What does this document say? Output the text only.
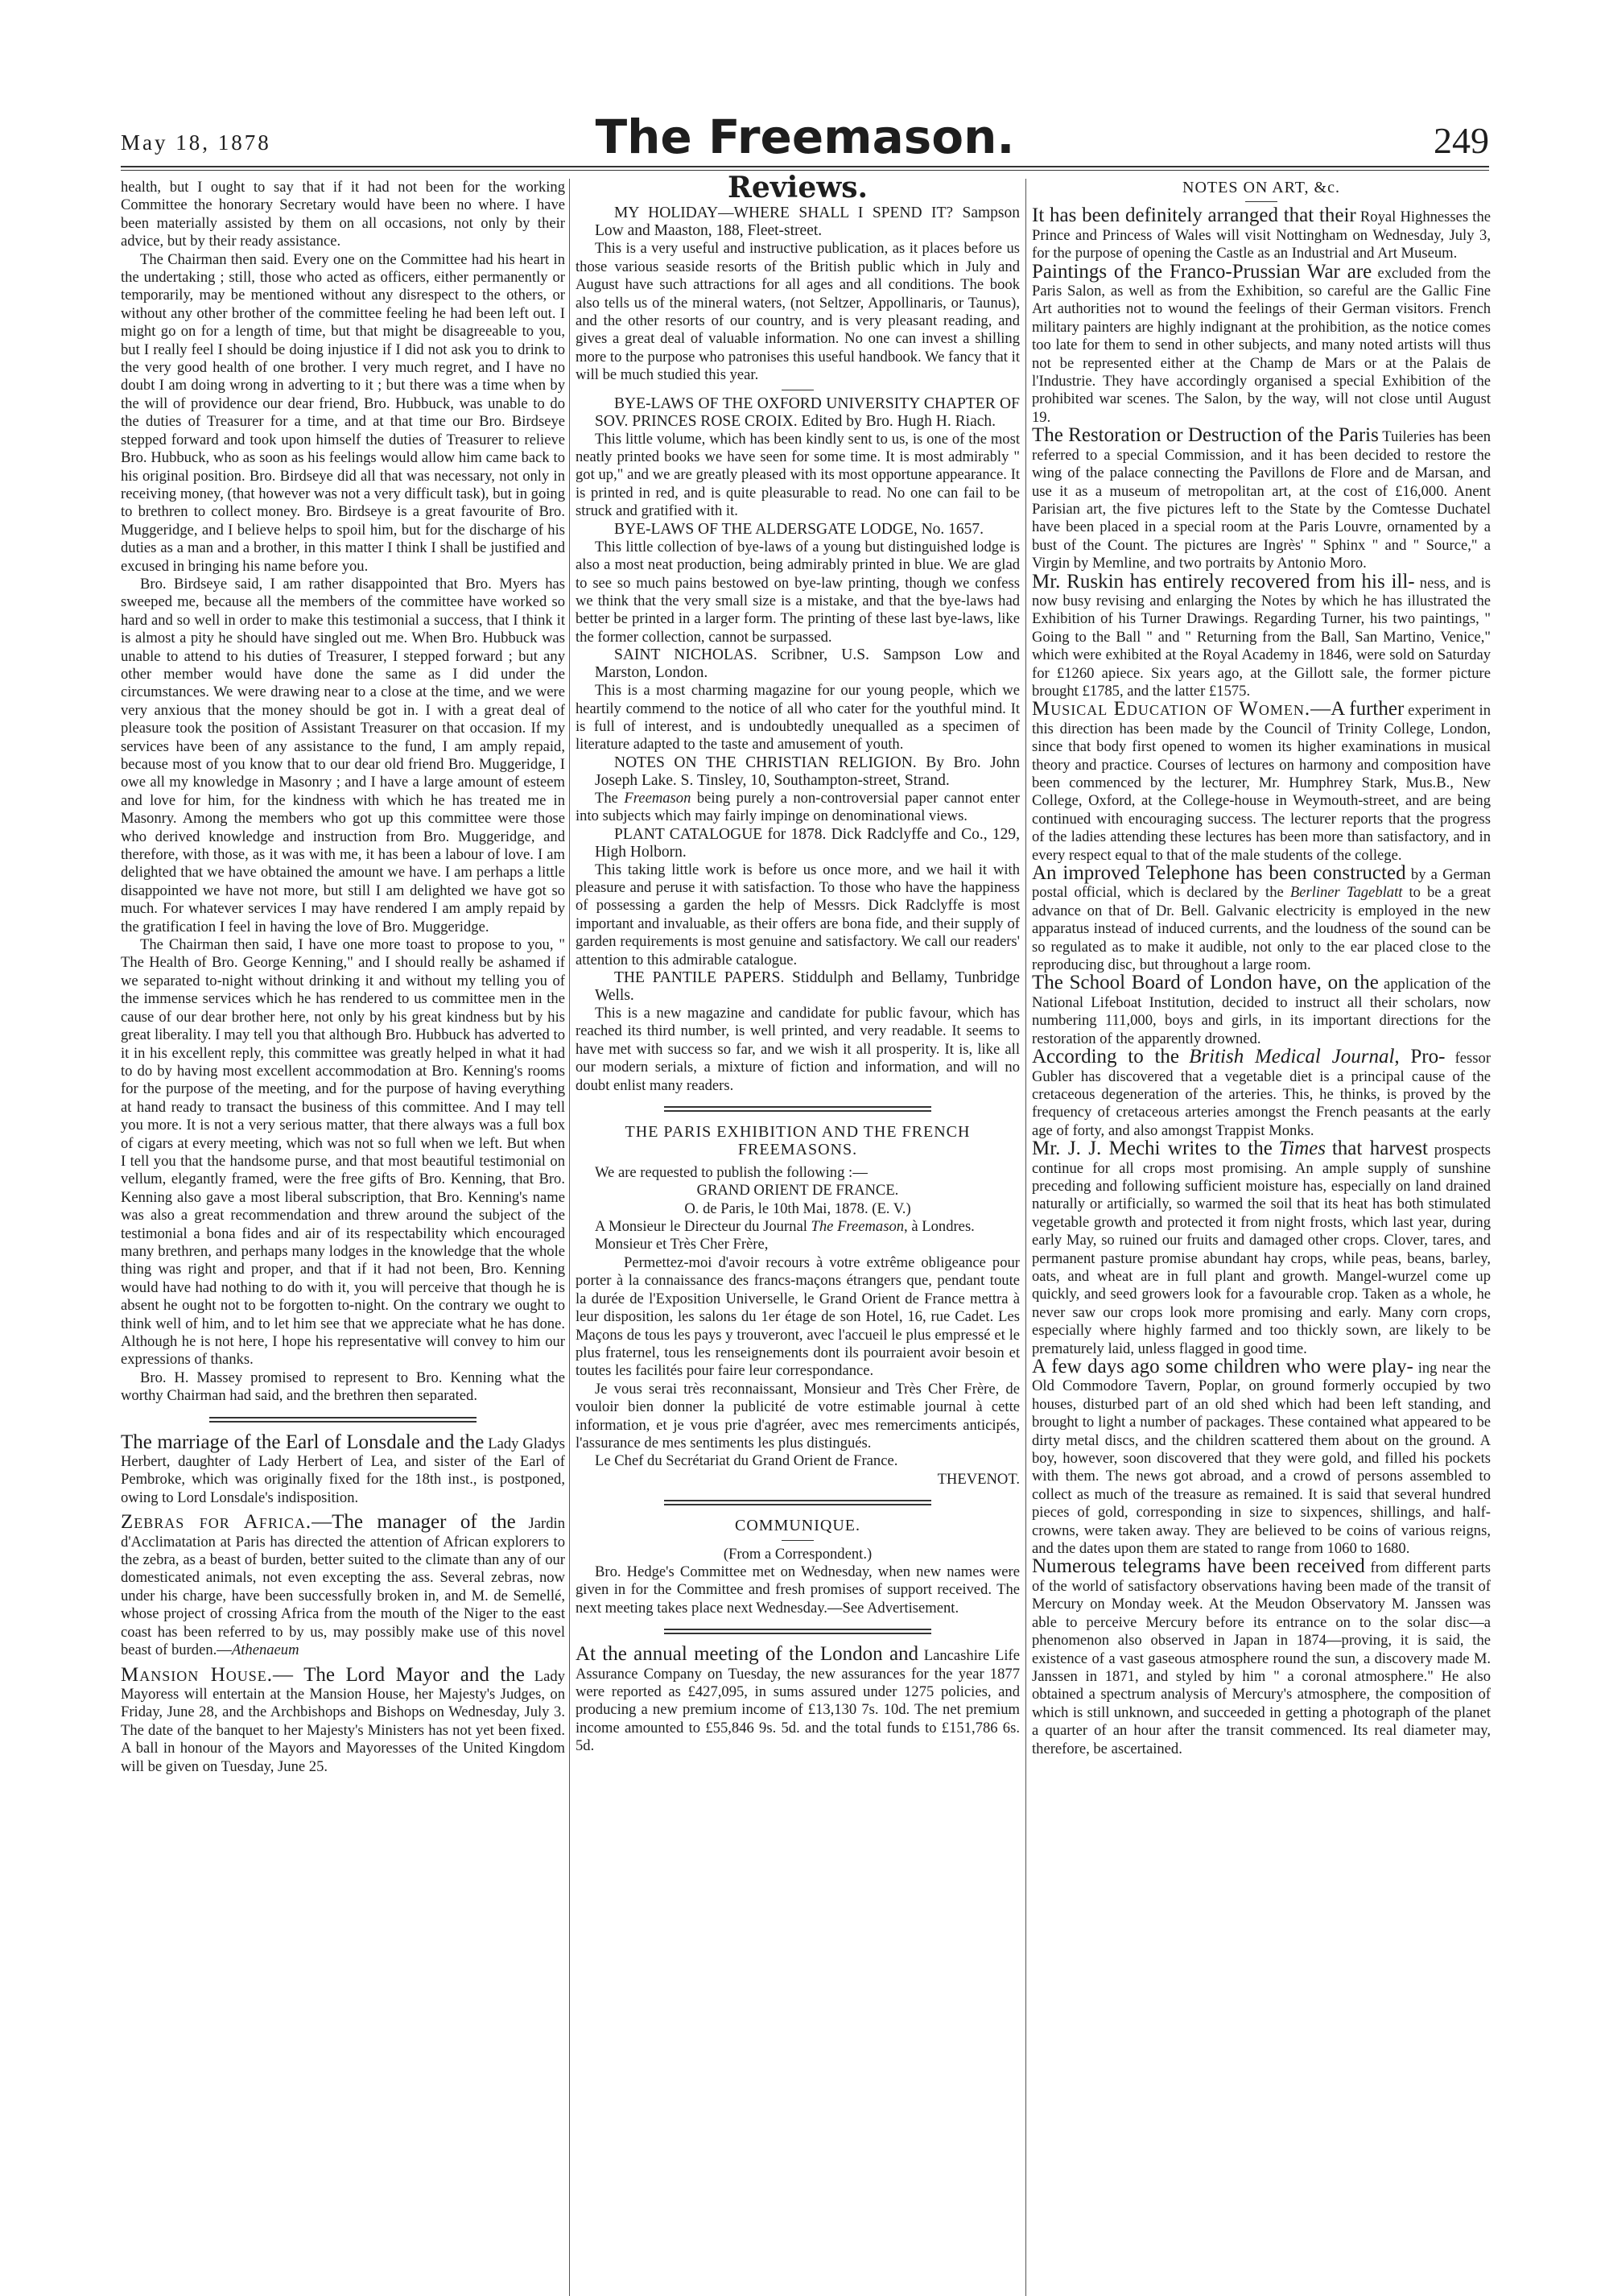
May 18, 1878	The Freemason.	249

health, but I ought to say that if it had not been for the working Committee the honorary Secretary would have been no where. I have been materially assisted by them on all occasions, not only by their advice, but by their ready assistance.

The Chairman then said. Every one on the Committee had his heart in the undertaking ; still, those who acted as officers, either permanently or temporarily, may be mentioned without any disrespect to the others, or without any other brother of the committee feeling he had been left out. I might go on for a length of time, but that might be disagreeable to you, but I really feel I should be doing injustice if I did not ask you to drink to the very good health of one brother. I very much regret, and I have no doubt I am doing wrong in adverting to it ; but there was a time when by the will of providence our dear friend, Bro. Hubbuck, was unable to do the duties of Treasurer for a time, and at that time our Bro. Birdseye stepped forward and took upon himself the duties of Treasurer to relieve Bro. Hubbuck, who as soon as his feelings would allow him came back to his original position. Bro. Birdseye did all that was necessary, not only in receiving money, (that however was not a very difficult task), but in going to brethren to collect money. Bro. Birdseye is a great favourite of Bro. Muggeridge, and I believe helps to spoil him, but for the discharge of his duties as a man and a brother, in this matter I think I shall be justified and excused in bringing his name before you.

Bro. Birdseye said, I am rather disappointed that Bro. Myers has sweeped me, because all the members of the committee have worked so hard and so well in order to make this testimonial a success, that I think it is almost a pity he should have singled out me. When Bro. Hubbuck was unable to attend to his duties of Treasurer, I stepped forward ; but any other member would have done the same as I did under the circumstances. We were drawing near to a close at the time, and we were very anxious that the money should be got in. I with a great deal of pleasure took the position of Assistant Treasurer on that occasion. If my services have been of any assistance to the fund, I am amply repaid, because most of you know that to our dear old friend Bro. Muggeridge, I owe all my knowledge in Masonry ; and I have a large amount of esteem and love for him, for the kindness with which he has treated me in Masonry. Among the members who got up this committee were those who derived knowledge and instruction from Bro. Muggeridge, and therefore, with those, as it was with me, it has been a labour of love. I am delighted that we have obtained the amount we have. I am perhaps a little disappointed we have not more, but still I am delighted we have got so much. For whatever services I may have rendered I am amply repaid by the gratification I feel in having the love of Bro. Muggeridge.

The Chairman then said, I have one more toast to propose to you, " The Health of Bro. George Kenning," and I should really be ashamed if we separated to-night without drinking it and without my telling you of the immense services which he has rendered to us committee men in the cause of our dear brother here, not only by his great kindness but by his great liberality. I may tell you that although Bro. Hubbuck has adverted to it in his excellent reply, this committee was greatly helped in what it had to do by having most excellent accommodation at Bro. Kenning's rooms for the purpose of the meeting, and for the purpose of having everything at hand ready to transact the business of this committee. And I may tell you more. It is not a very serious matter, that there always was a full box of cigars at every meeting, which was not so full when we left. But when I tell you that the handsome purse, and that most beautiful testimonial on vellum, elegantly framed, were the free gifts of Bro. Kenning, that Bro. Kenning also gave a most liberal subscription, that Bro. Kenning's name was also a great recommendation and threw around the subject of the testimonial a bona fides and air of its respectability which encouraged many brethren, and perhaps many lodges in the knowledge that the whole thing was right and proper, and that if it had not been, Bro. Kenning would have had nothing to do with it, you will perceive that though he is absent he ought not to be forgotten to-night. On the contrary we ought to think well of him, and to let him see that we appreciate what he has done. Although he is not here, I hope his representative will convey to him our expressions of thanks.

Bro. H. Massey promised to represent to Bro. Kenning what the worthy Chairman had said, and the brethren then separated.

The marriage of the Earl of Lonsdale and the Lady Gladys Herbert, daughter of Lady Herbert of Lea, and sister of the Earl of Pembroke, which was originally fixed for the 18th inst., is postponed, owing to Lord Lonsdale's indisposition.

Zebras for Africa.—The manager of the Jardin d'Acclimatation at Paris has directed the attention of African explorers to the zebra, as a beast of burden, better suited to the climate than any of our domesticated animals, not even excepting the ass. Several zebras, now under his charge, have been successfully broken in, and M. de Semellé, whose project of crossing Africa from the mouth of the Niger to the east coast has been referred to by us, may possibly make use of this novel beast of burden.—Athenaeum

Mansion House.— The Lord Mayor and the Lady Mayoress will entertain at the Mansion House, her Majesty's Judges, on Friday, June 28, and the Archbishops and Bishops on Wednesday, July 3. The date of the banquet to her Majesty's Ministers has not yet been fixed. A ball in honour of the Mayors and Mayoresses of the United Kingdom will be given on Tuesday, June 25.

Reviews.

MY HOLIDAY—WHERE SHALL I SPEND IT? Sampson Low and Maaston, 188, Fleet-street.

This is a very useful and instructive publication, as it places before us those various seaside resorts of the British public which in July and August have such attractions for all ages and all conditions. The book also tells us of the mineral waters, (not Seltzer, Appollinaris, or Taunus), and the other resorts of our country, and is very pleasant reading, and gives a great deal of valuable information. No one can invest a shilling more to the purpose who patronises this useful handbook. We fancy that it will be much studied this year.

BYE-LAWS OF THE OXFORD UNIVERSITY CHAPTER OF SOV. PRINCES ROSE CROIX. Edited by Bro. Hugh H. Riach.

This little volume, which has been kindly sent to us, is one of the most neatly printed books we have seen for some time. It is most admirably " got up," and we are greatly pleased with its most opportune appearance. It is printed in red, and is quite pleasurable to read. No one can fail to be struck and gratified with it.

BYE-LAWS OF THE ALDERSGATE LODGE, No. 1657.

This little collection of bye-laws of a young but distinguished lodge is also a most neat production, being admirably printed in blue. We are glad to see so much pains bestowed on bye-law printing, though we confess we think that the very small size is a mistake, and that the bye-laws had better be printed in a larger form. The printing of these last bye-laws, like the former collection, cannot be surpassed.

SAINT NICHOLAS. Scribner, U.S. Sampson Low and Marston, London.

This is a most charming magazine for our young people, which we heartily commend to the notice of all who cater for the youthful mind. It is full of interest, and is undoubtedly unequalled as a specimen of literature adapted to the taste and amusement of youth.

NOTES ON THE CHRISTIAN RELIGION. By Bro. John Joseph Lake. S. Tinsley, 10, Southampton-street, Strand.

The Freemason being purely a non-controversial paper cannot enter into subjects which may fairly impinge on denominational views.

PLANT CATALOGUE for 1878. Dick Radclyffe and Co., 129, High Holborn.

This taking little work is before us once more, and we hail it with pleasure and peruse it with satisfaction. To those who have the happiness of possessing a garden the help of Messrs. Dick Radclyffe is most important and invaluable, as their offers are bona fide, and their supply of garden requirements is most genuine and satisfactory. We call our readers' attention to this admirable catalogue.

THE PANTILE PAPERS. Stiddulph and Bellamy, Tunbridge Wells.

This is a new magazine and candidate for public favour, which has reached its third number, is well printed, and very readable. It seems to have met with success so far, and we wish it all prosperity. It is, like all our modern serials, a mixture of fiction and information, and will no doubt enlist many readers.

THE PARIS EXHIBITION AND THE FRENCH FREEMASONS.

We are requested to publish the following :—

GRAND ORIENT DE FRANCE.

O. de Paris, le 10th Mai, 1878. (E. V.)

A Monsieur le Directeur du Journal The Freemason, à Londres.

Monsieur et Très Cher Frère,

Permettez-moi d'avoir recours à votre extrême obligeance pour porter à la connaissance des francs-maçons étrangers que, pendant toute la durée de l'Exposition Universelle, le Grand Orient de France mettra à leur disposition, les salons du 1er étage de son Hotel, 16, rue Cadet. Les Maçons de tous les pays y trouveront, avec l'accueil le plus empressé et le plus fraternel, tous les renseignements dont ils pourraient avoir besoin et toutes les facilités pour faire leur correspondance.

Je vous serai très reconnaissant, Monsieur and Très Cher Frère, de vouloir bien donner la publicité de votre estimable journal à cette information, et je vous prie d'agréer, avec mes remerciments anticipés, l'assurance de mes sentiments les plus distingués.

Le Chef du Secrétariat du Grand Orient de France.

THEVENOT.

COMMUNIQUE.

(From a Correspondent.)

Bro. Hedge's Committee met on Wednesday, when new names were given in for the Committee and fresh promises of support received. The next meeting takes place next Wednesday.—See Advertisement.

At the annual meeting of the London and Lancashire Life Assurance Company on Tuesday, the new assurances for the year 1877 were reported as £427,095, in sums assured under 1275 policies, and producing a new premium income of £13,130 7s. 10d. The net premium income amounted to £55,846 9s. 5d. and the total funds to £151,786 6s. 5d.

NOTES ON ART, &c.

It has been definitely arranged that their Royal Highnesses the Prince and Princess of Wales will visit Nottingham on Wednesday, July 3, for the purpose of opening the Castle as an Industrial and Art Museum.

Paintings of the Franco-Prussian War are excluded from the Paris Salon, as well as from the Exhibition, so careful are the Gallic Fine Art authorities not to wound the feelings of their German visitors. French military painters are highly indignant at the prohibition, as the notice comes too late for them to send in other subjects, and many noted artists will thus not be represented either at the Champ de Mars or at the Palais de l'Industrie. They have accordingly organised a special Exhibition of the prohibited war scenes. The Salon, by the way, will not close until August 19.

The Restoration or Destruction of the Paris Tuileries has been referred to a special Commission, and it has been decided to restore the wing of the palace connecting the Pavillons de Flore and de Marsan, and use it as a museum of metropolitan art, at the cost of £16,000. Anent Parisian art, the five pictures left to the State by the Comtesse Duchatel have been placed in a special room at the Paris Louvre, ornamented by a bust of the Count. The pictures are Ingrès' " Sphinx " and " Source," a Virgin by Memline, and two portraits by Antonio Moro.

Mr. Ruskin has entirely recovered from his ill- ness, and is now busy revising and enlarging the Notes by which he has illustrated the Exhibition of his Turner Drawings. Regarding Turner, his two paintings, " Going to the Ball " and " Returning from the Ball, San Martino, Venice," which were exhibited at the Royal Academy in 1846, were sold on Saturday for £1260 apiece. Six years ago, at the Gillott sale, the former picture brought £1785, and the latter £1575.

Musical Education of Women.—A further experiment in this direction has been made by the Council of Trinity College, London, since that body first opened to women its higher examinations in musical theory and practice. Courses of lectures on harmony and composition have been commenced by the lecturer, Mr. Humphrey Stark, Mus.B., New College, Oxford, at the College-house in Weymouth-street, and are being continued with encouraging success. The lecturer reports that the progress of the ladies attending these lectures has been more than satisfactory, and in every respect equal to that of the male students of the college.

An improved Telephone has been constructed by a German postal official, which is declared by the Berliner Tageblatt to be a great advance on that of Dr. Bell. Galvanic electricity is employed in the new apparatus instead of induced currents, and the loudness of the sound can be so regulated as to make it audible, not only to the ear placed close to the reproducing disc, but throughout a large room.

The School Board of London have, on the application of the National Lifeboat Institution, decided to instruct all their scholars, now numbering 111,000, boys and girls, in its important directions for the restoration of the apparently drowned.

According to the British Medical Journal, Pro- fessor Gubler has discovered that a vegetable diet is a principal cause of the cretaceous degeneration of the arteries. This, he thinks, is proved by the frequency of cretaceous arteries amongst the French peasants at the early age of forty, and also amongst Trappist Monks.

Mr. J. J. Mechi writes to the Times that harvest prospects continue for all crops most promising. An ample supply of sunshine preceding and following sufficient moisture has, especially on land drained naturally or artificially, so warmed the soil that its heat has both stimulated vegetable growth and protected it from night frosts, which last year, during early May, so ruined our fruits and damaged other crops. Clover, tares, and permanent pasture promise abundant hay crops, while peas, beans, barley, oats, and wheat are in full plant and growth. Mangel-wurzel come up quickly, and seed growers look for a favourable crop. Taken as a whole, he never saw our crops look more promising and early. Many corn crops, especially where highly farmed and too thickly sown, are likely to be prematurely laid, unless flagged in good time.

A few days ago some children who were play- ing near the Old Commodore Tavern, Poplar, on ground formerly occupied by two houses, disturbed part of an old shed which had been left standing, and brought to light a number of packages. These contained what appeared to be dirty metal discs, and the children scattered them about on the ground. A boy, however, soon discovered that they were gold, and filled his pockets with them. The news got abroad, and a crowd of persons assembled to collect as much of the treasure as remained. It is said that several hundred pieces of gold, corresponding in size to sixpences, shillings, and half-crowns, were taken away. They are believed to be coins of various reigns, and the dates upon them are stated to range from 1060 to 1680.

Numerous telegrams have been received from different parts of the world of satisfactory observations having been made of the transit of Mercury on Monday week. At the Meudon Observatory M. Janssen was able to perceive Mercury before its entrance on to the solar disc—a phenomenon also observed in Japan in 1874—proving, it is said, the existence of a vast gaseous atmosphere round the sun, a discovery made M. Janssen in 1871, and styled by him " a coronal atmosphere." He also obtained a spectrum analysis of Mercury's atmosphere, the composition of which is still unknown, and succeeded in getting a photograph of the planet a quarter of an hour after the transit commenced. Its real diameter may, therefore, be ascertained.
